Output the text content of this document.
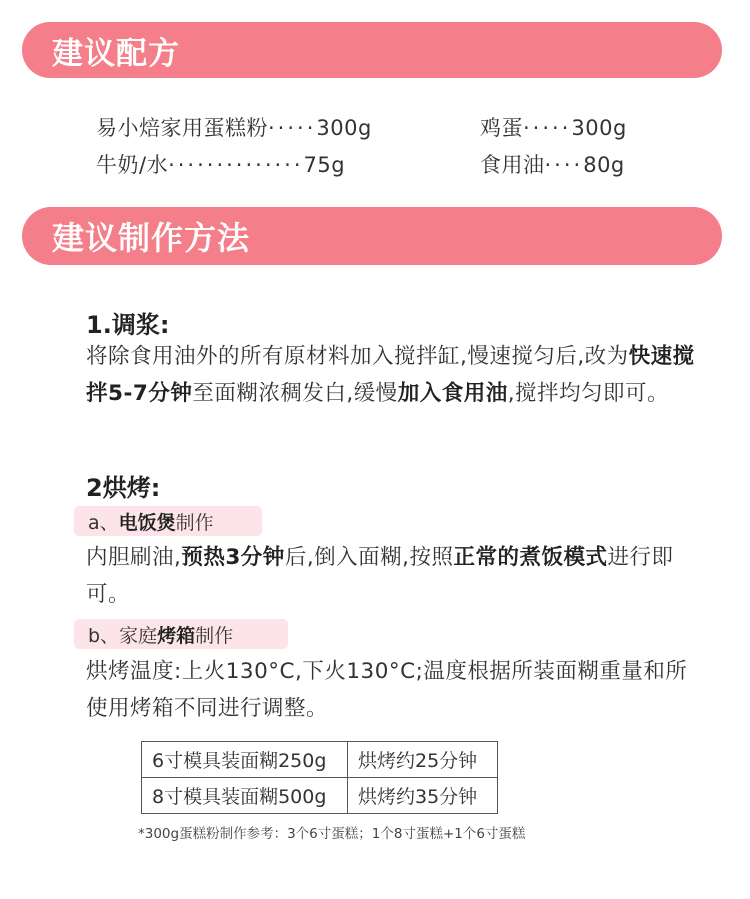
建议配方
易小焙家用蛋糕粉·····300g	鸡蛋·····300g
牛奶/水··············75g	食用油····80g
建议制作方法
1.调浆:
将除食用油外的所有原材料加入搅拌缸,慢速搅匀后,改为快速搅拌5-7分钟至面糊浓稠发白,缓慢加入食用油,搅拌均匀即可。
2烘烤:
a、 电饭煲 制作
内胆刷油,预热3分钟后,倒入面糊,按照正常的煮饭模式进行即可。
b、 家庭 烤箱 制作
烘烤温度:上火130°C,下火130°C;温度根据所装面糊重量和所使用烤箱不同进行调整。
6寸模具装面糊250g	烘烤约25分钟
8寸模具装面糊500g	烘烤约35分钟
*300g蛋糕粉制作参考：3个6寸蛋糕；1个8寸蛋糕+1个6寸蛋糕
